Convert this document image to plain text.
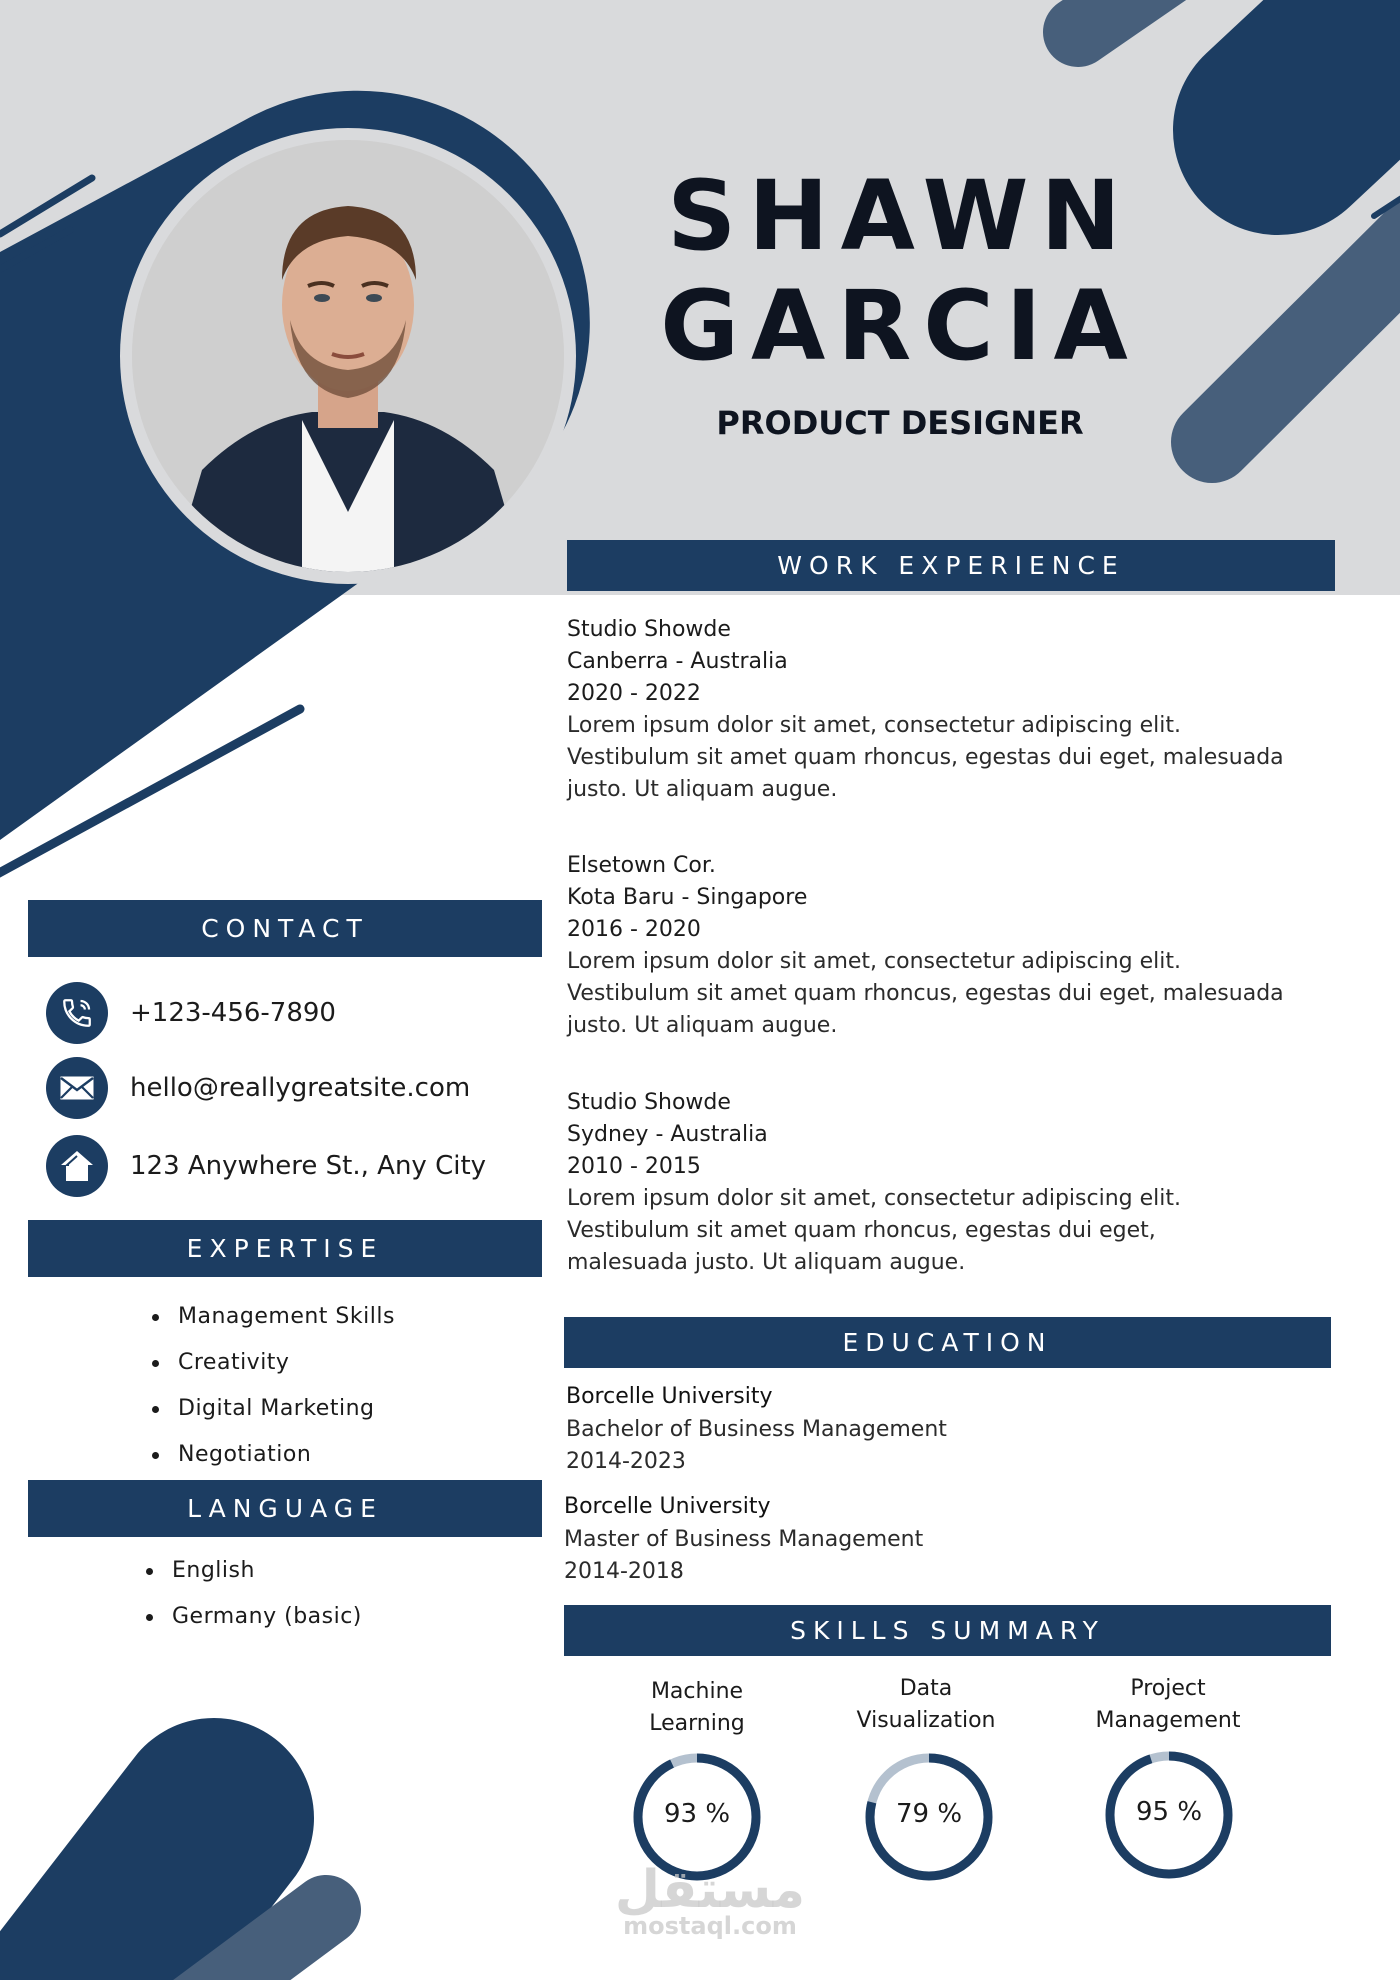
SHAWN
GARCIA
PRODUCT DESIGNER
WORK EXPERIENCE
Studio Showde
Canberra - Australia
2020 - 2022
Lorem ipsum dolor sit amet, consectetur adipiscing elit.
Vestibulum sit amet quam rhoncus, egestas dui eget, malesuada
justo. Ut aliquam augue.
Elsetown Cor.
Kota Baru - Singapore
2016 - 2020
Lorem ipsum dolor sit amet, consectetur adipiscing elit.
Vestibulum sit amet quam rhoncus, egestas dui eget, malesuada
justo. Ut aliquam augue.
Studio Showde
Sydney - Australia
2010 - 2015
Lorem ipsum dolor sit amet, consectetur adipiscing elit.
Vestibulum sit amet quam rhoncus, egestas dui eget,
malesuada justo. Ut aliquam augue.
CONTACT
+123-456-7890
hello@reallygreatsite.com
123 Anywhere St., Any City
EXPERTISE
Management Skills
Creativity
Digital Marketing
Negotiation
LANGUAGE
English
Germany (basic)
EDUCATION
Borcelle University
Bachelor of Business Management
2014-2023
Borcelle University
Master of Business Management
2014-2018
SKILLS SUMMARY
Machine
Learning
Data
Visualization
Project
Management
93 %	79 %	95 %
مستقل
mostaql.com
